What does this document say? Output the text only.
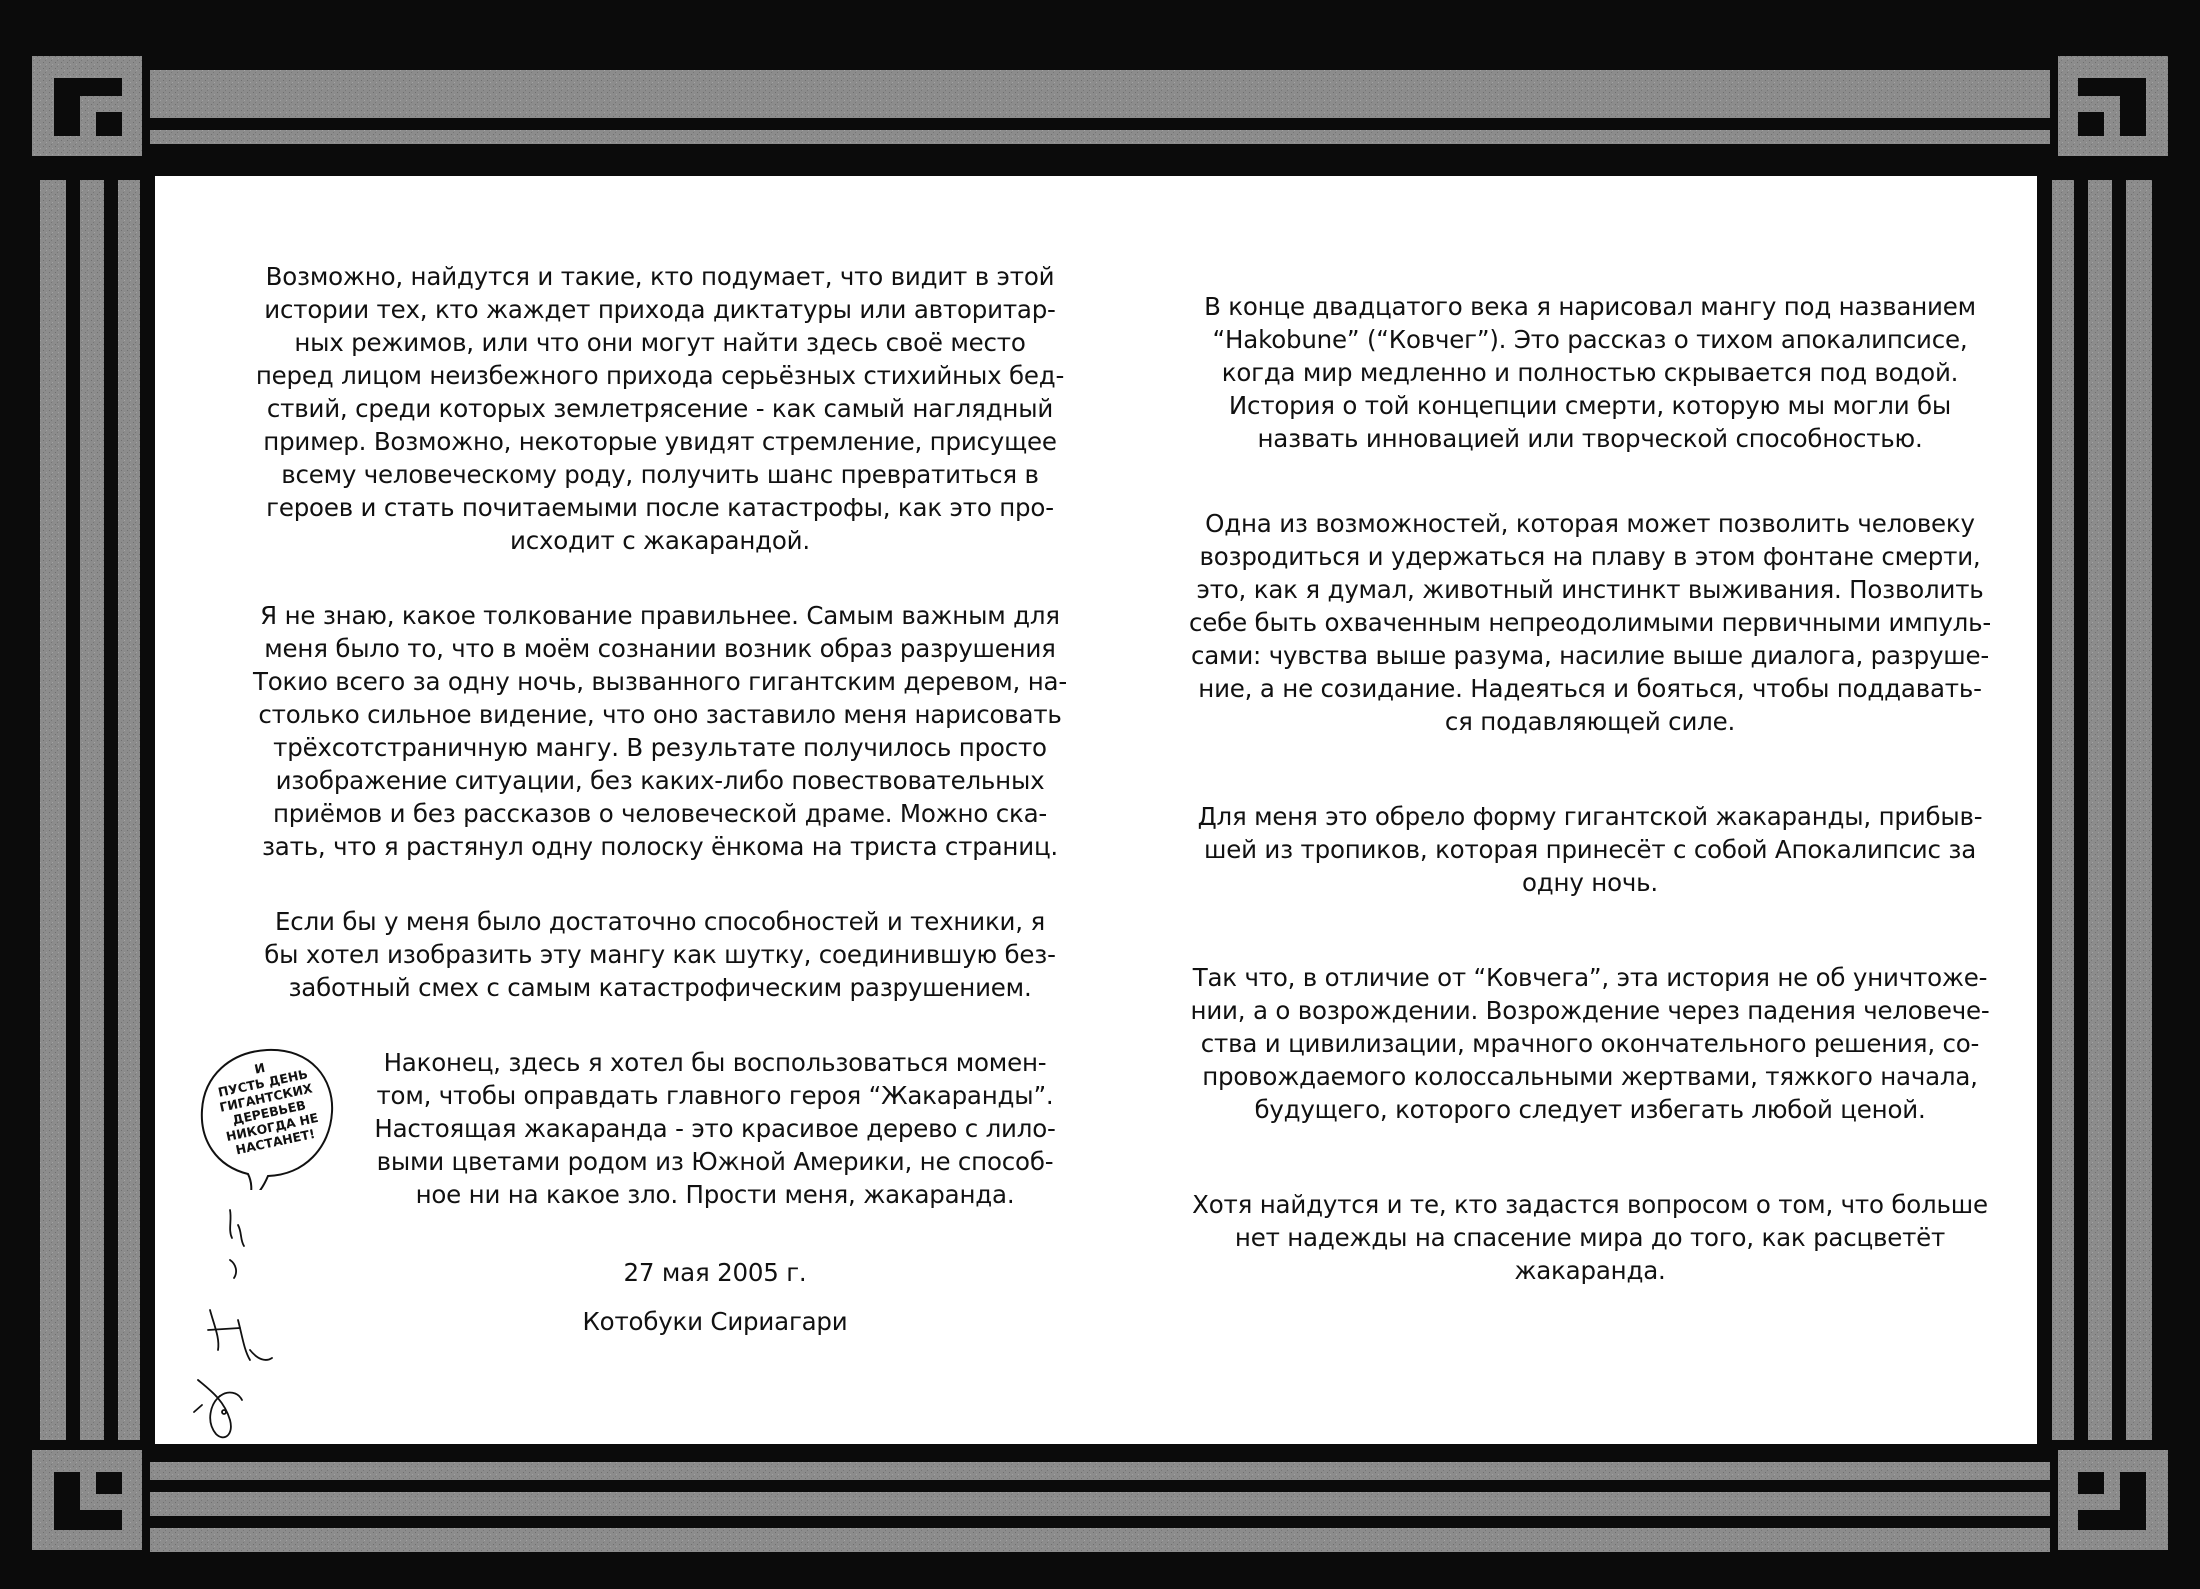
Возможно, найдутся и такие, кто подумает, что видит в этой
истории тех, кто жаждет прихода диктатуры или авторитар-
ных режимов, или что они могут найти здесь своё место
перед лицом неизбежного прихода серьёзных стихийных бед-
ствий, среди которых землетрясение - как самый наглядный
пример. Возможно, некоторые увидят стремление, присущее
всему человеческому роду, получить шанс превратиться в
героев и стать почитаемыми после катастрофы, как это про-
исходит с жакарандой.

Я не знаю, какое толкование правильнее. Самым важным для
меня было то, что в моём сознании возник образ разрушения
Токио всего за одну ночь, вызванного гигантским деревом, на-
столько сильное видение, что оно заставило меня нарисовать
трёхсотстраничную мангу. В результате получилось просто
изображение ситуации, без каких-либо повествовательных
приёмов и без рассказов о человеческой драме. Можно ска-
зать, что я растянул одну полоску ёнкома на триста страниц.

Если бы у меня было достаточно способностей и техники, я
бы хотел изобразить эту мангу как шутку, соединившую без-
заботный смех с самым катастрофическим разрушением.

Наконец, здесь я хотел бы воспользоваться момен-
том, чтобы оправдать главного героя “Жакаранды”.
Настоящая жакаранда - это красивое дерево с лило-
выми цветами родом из Южной Америки, не способ-
ное ни на какое зло. Прости меня, жакаранда.

27 мая 2005 г.

Котобуки Сириагари

В конце двадцатого века я нарисовал мангу под названием
“Hakobune” (“Ковчег”). Это рассказ о тихом апокалипсисе,
когда мир медленно и полностью скрывается под водой.
История о той концепции смерти, которую мы могли бы
назвать инновацией или творческой способностью.

Одна из возможностей, которая может позволить человеку
возродиться и удержаться на плаву в этом фонтане смерти,
это, как я думал, животный инстинкт выживания. Позволить
себе быть охваченным непреодолимыми первичными импуль-
сами: чувства выше разума, насилие выше диалога, разруше-
ние, а не созидание. Надеяться и бояться, чтобы поддавать-
ся подавляющей силе.

Для меня это обрело форму гигантской жакаранды, прибыв-
шей из тропиков, которая принесёт с собой Апокалипсис за
одну ночь.

Так что, в отличие от “Ковчега”, эта история не об уничтоже-
нии, а о возрождении. Возрождение через падения человече-
ства и цивилизации, мрачного окончательного решения, со-
провождаемого колоссальными жертвами, тяжкого начала,
будущего, которого следует избегать любой ценой.

Хотя найдутся и те, кто задастся вопросом о том, что больше
нет надежды на спасение мира до того, как расцветёт
жакаранда.

И
ПУСТЬ ДЕНЬ
ГИГАНТСКИХ
ДЕРЕВЬЕВ
НИКОГДА НЕ
НАСТАНЕТ!
